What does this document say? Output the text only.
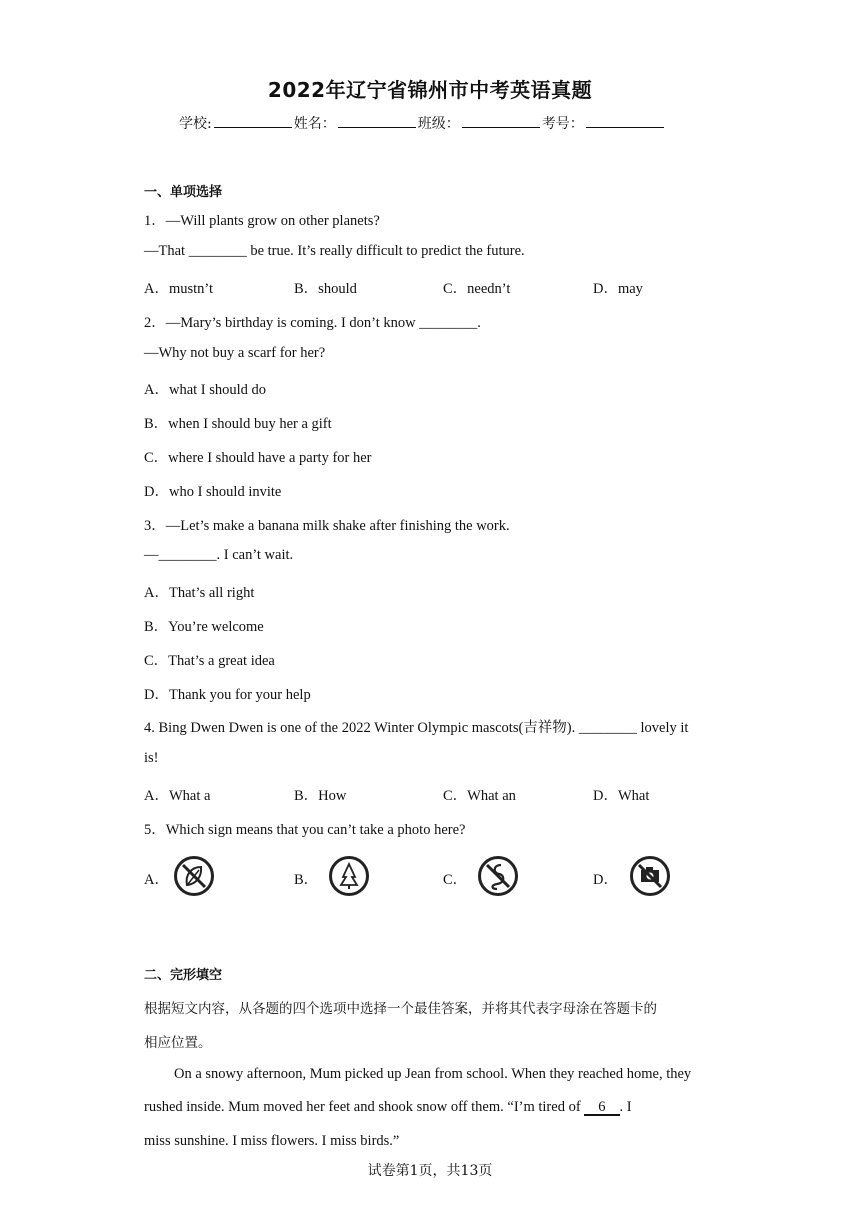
2022年辽宁省锦州市中考英语真题
学校:	姓名：	班级：	考号：
一、单项选择
1．—Will plants grow on other planets?
—That ________ be true. It’s really difficult to predict the future.
A．mustn’t	B．should	C．needn’t	D．may
2．—Mary’s birthday is coming. I don’t know ________.
—Why not buy a scarf for her?
A．what I should do
B．when I should buy her a gift
C．where I should have a party for her
D．who I should invite
3．—Let’s make a banana milk shake after finishing the work.
—________. I can’t wait.
A．That’s all right
B．You’re welcome
C．That’s a great idea
D．Thank you for your help
4. Bing Dwen Dwen is one of the 2022 Winter Olympic mascots(吉祥物). ________ lovely it
is!
A．What a	B．How	C．What an	D．What
5．Which sign means that you can’t take a photo here?
A．	B．	C．	D．
二、完形填空
根据短文内容，从各题的四个选项中选择一个最佳答案，并将其代表字母涂在答题卡的
相应位置。
On a snowy afternoon, Mum picked up Jean from school. When they reached home, they
rushed inside. Mum moved her feet and shook snow off them. “I’m tired of 6 . I
miss sunshine. I miss flowers. I miss birds.”
试卷第1页，共13页
